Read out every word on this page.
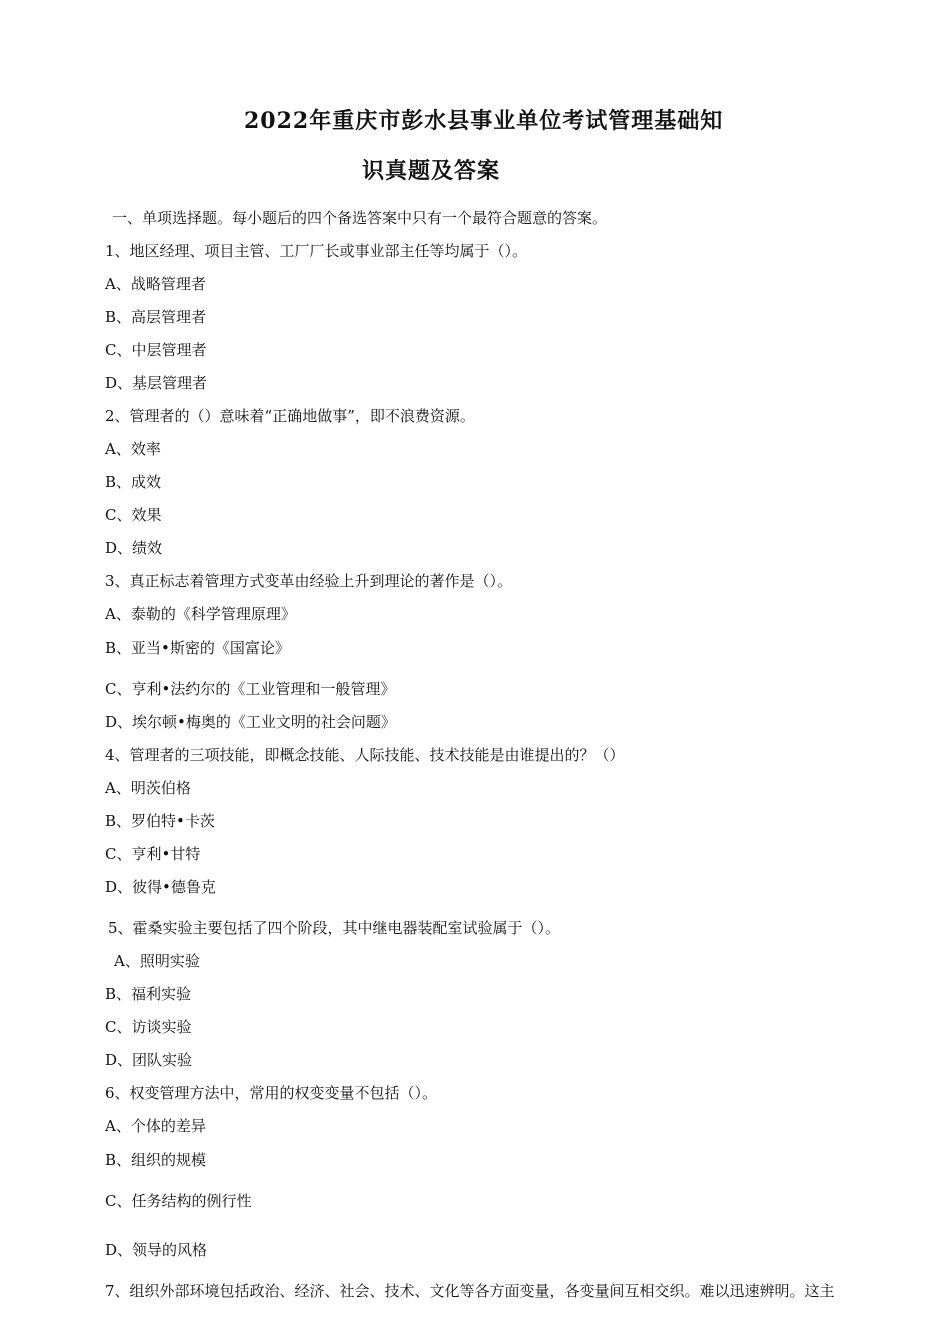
2022年重庆市彭水县事业单位考试管理基础知
识真题及答案
一、单项选择题。每小题后的四个备选答案中只有一个最符合题意的答案。
1、地区经理、项目主管、工厂厂长或事业部主任等均属于（）。
A、战略管理者
B、高层管理者
C、中层管理者
D、基层管理者
2、管理者的（）意味着“正确地做事”，即不浪费资源。
A、效率
B、成效
C、效果
D、绩效
3、真正标志着管理方式变革由经验上升到理论的著作是（）。
A、泰勒的《科学管理原理》
B、亚当•斯密的《国富论》
C、亨利•法约尔的《工业管理和一般管理》
D、埃尔顿•梅奥的《工业文明的社会问题》
4、管理者的三项技能，即概念技能、人际技能、技术技能是由谁提出的？（）
A、明茨伯格
B、罗伯特•卡茨
C、亨利•甘特
D、彼得•德鲁克
5、霍桑实验主要包括了四个阶段，其中继电器装配室试验属于（）。
A、照明实验
B、福利实验
C、访谈实验
D、团队实验
6、权变管理方法中，常用的权变变量不包括（）。
A、个体的差异
B、组织的规模
C、任务结构的例行性
D、领导的风格
7、组织外部环境包括政治、经济、社会、技术、文化等各方面变量，各变量间互相交织。难以迅速辨明。这主
